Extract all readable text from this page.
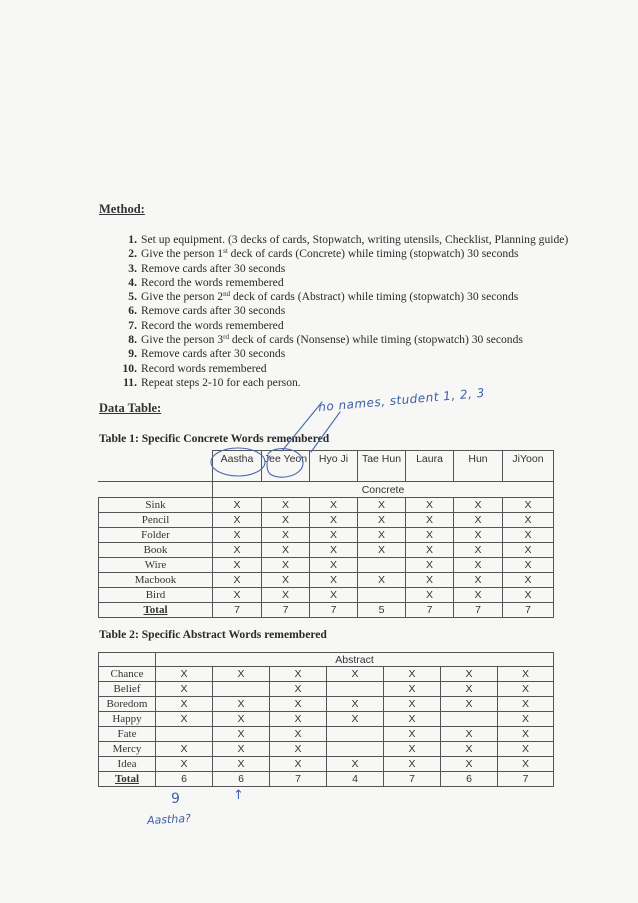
Method:
1. Set up equipment. (3 decks of cards, Stopwatch, writing utensils, Checklist, Planning guide)
2. Give the person 1st deck of cards (Concrete) while timing (stopwatch) 30 seconds
3. Remove cards after 30 seconds
4. Record the words remembered
5. Give the person 2nd deck of cards (Abstract) while timing (stopwatch) 30 seconds
6. Remove cards after 30 seconds
7. Record the words remembered
8. Give the person 3rd deck of cards (Nonsense) while timing (stopwatch) 30 seconds
9. Remove cards after 30 seconds
10. Record words remembered
11. Repeat steps 2-10 for each person.
Data Table:
Table 1: Specific Concrete Words remembered
	Aastha	Jee Yeon	Hyo Ji	Tae Hun	Laura	Hun	JiYoon
	Concrete						
Sink	X	X	X	X	X	X	X
Pencil	X	X	X	X	X	X	X
Folder	X	X	X	X	X	X	X
Book	X	X	X	X	X	X	X
Wire	X	X	X		X	X	X
Macbook	X	X	X	X	X	X	X
Bird	X	X	X		X	X	X
Total	7	7	7	5	7	7	7
Table 2: Specific Abstract Words remembered
	Abstract						
Chance	X	X	X	X	X	X	X
Belief	X		X		X	X	X
Boredom	X	X	X	X	X	X	X
Happy	X	X	X	X	X		X
Fate		X	X		X	X	X
Mercy	X	X	X		X	X	X
Idea	X	X	X	X	X	X	X
Total	6	6	7	4	7	6	7
no names, student 1, 2, 3
9	↑
Aastha?
